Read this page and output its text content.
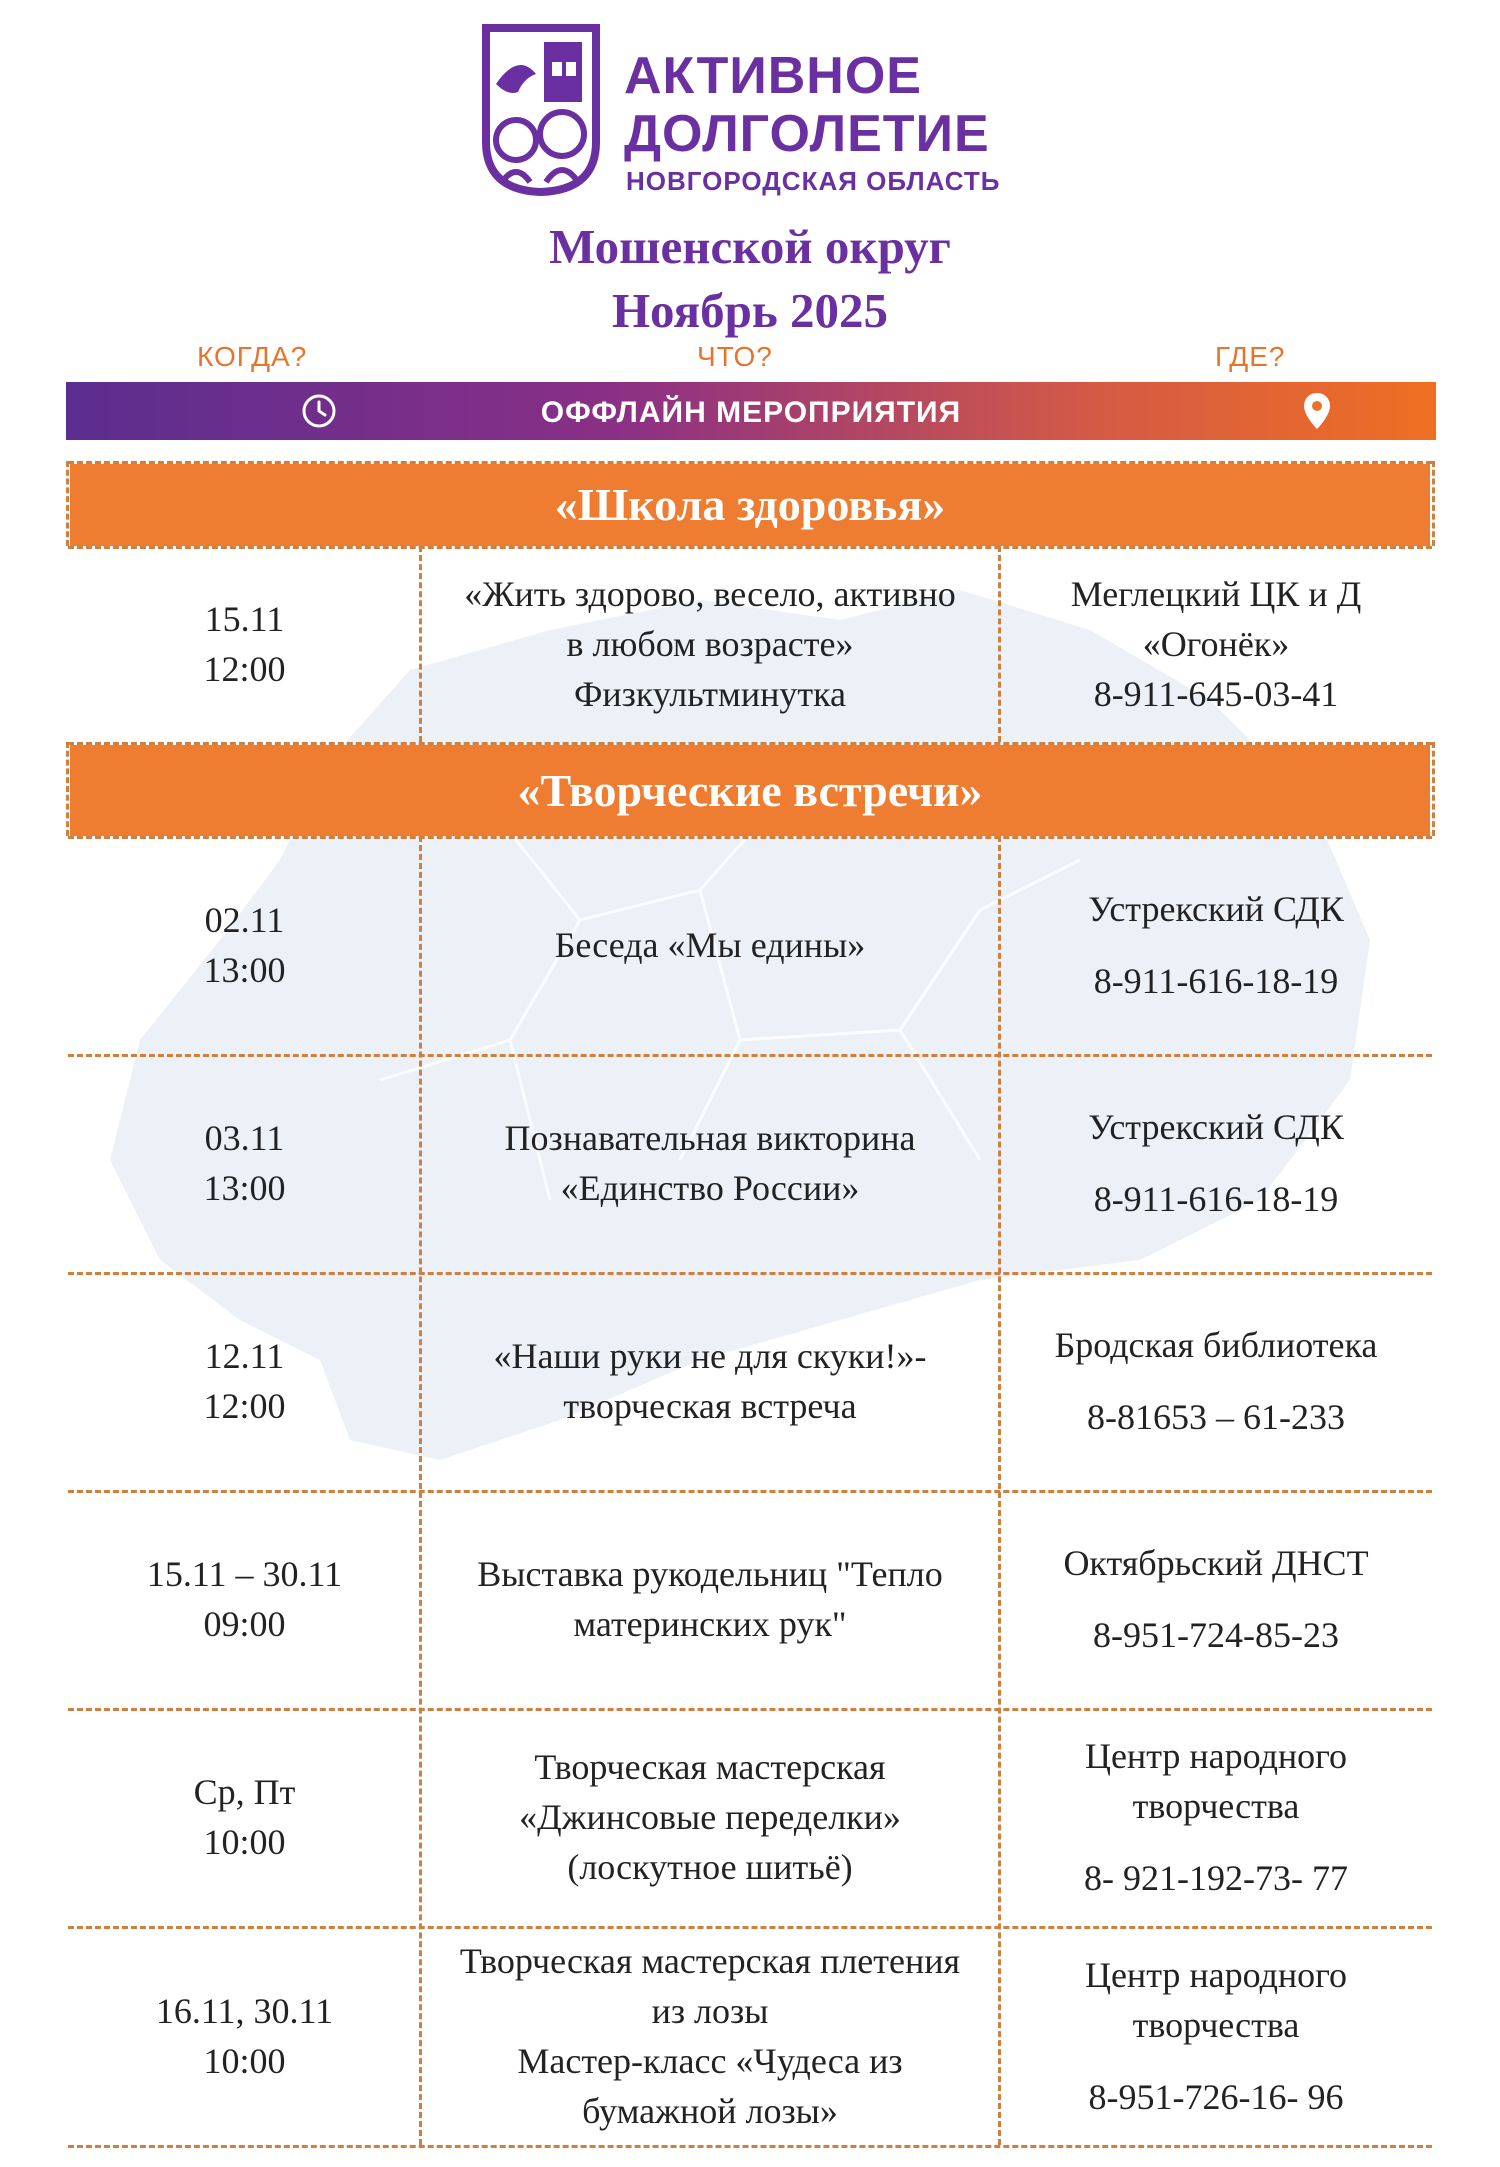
АКТИВНОЕ
ДОЛГОЛЕТИЕ
НОВГОРОДСКАЯ ОБЛАСТЬ
Мошенской округ
Ноябрь 2025
КОГДА?	ЧТО?	ГДЕ?
ОФФЛАЙН МЕРОПРИЯТИЯ
«Школа здоровья»
15.11
12:00
«Жить здорово, весело, активно
в любом возрасте»
Физкультминутка
Меглецкий ЦК и Д
«Огонёк»
8-911-645-03-41
«Творческие встречи»
02.11
13:00
Беседа «Мы едины»
Устрекский СДК
8-911-616-18-19
03.11
13:00
Познавательная викторина
«Единство России»
Устрекский СДК
8-911-616-18-19
12.11
12:00
«Наши руки не для скуки!»-
творческая встреча
Бродская библиотека
8-81653 – 61-233
15.11 – 30.11
09:00
Выставка рукодельниц "Тепло
материнских рук"
Октябрьский ДНСТ
8-951-724-85-23
Ср, Пт
10:00
Творческая мастерская
«Джинсовые переделки»
(лоскутное шитьё)
Центр народного
творчества
8- 921-192-73- 77
16.11, 30.11
10:00
Творческая мастерская плетения
из лозы
Мастер-класс «Чудеса из
бумажной лозы»
Центр народного
творчества
8-951-726-16- 96
